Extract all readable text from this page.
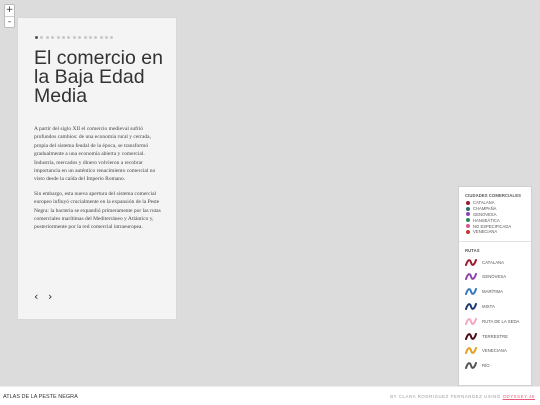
+
-
El comercio en la Baja Edad Media

A partir del siglo XII el comercio medieval sufrió profundos cambios: de una economía rural y cerrada, propia del sistema feudal de la época, se transformó gradualmente a una economía abierta y comercial. Industria, mercados y dinero volvieron a recobrar importancia en un auténtico renacimiento comercial no visto desde la caída del Imperio Romano.

Sin embargo, esta nueva apertura del sistema comercial europeo influyó crucialmente en la expansión de la Peste Negra: la bacteria se expandió primeramente por las rutas comerciales marítimas del Mediterráneo y Atlántico y, posteriormente por la red comercial intraeuropea.

‹ ›
CIUDADES COMERCIALES
CATALANA
CHAMPAÑA
GENOVESA
HANSEÁTICA
NO ESPECIFICADA
VENECIANA
RUTAS
CATALANA
GENOVESA
MARÍTIMA
MIXTA
RUTA DE LA SEDA
TERRESTRE
VENECIANA
RÍO
ATLAS DE LA PESTE NEGRA	BY CLARA RODRIGUEZ FERNANDEZ USING ODYSSEY.JS
